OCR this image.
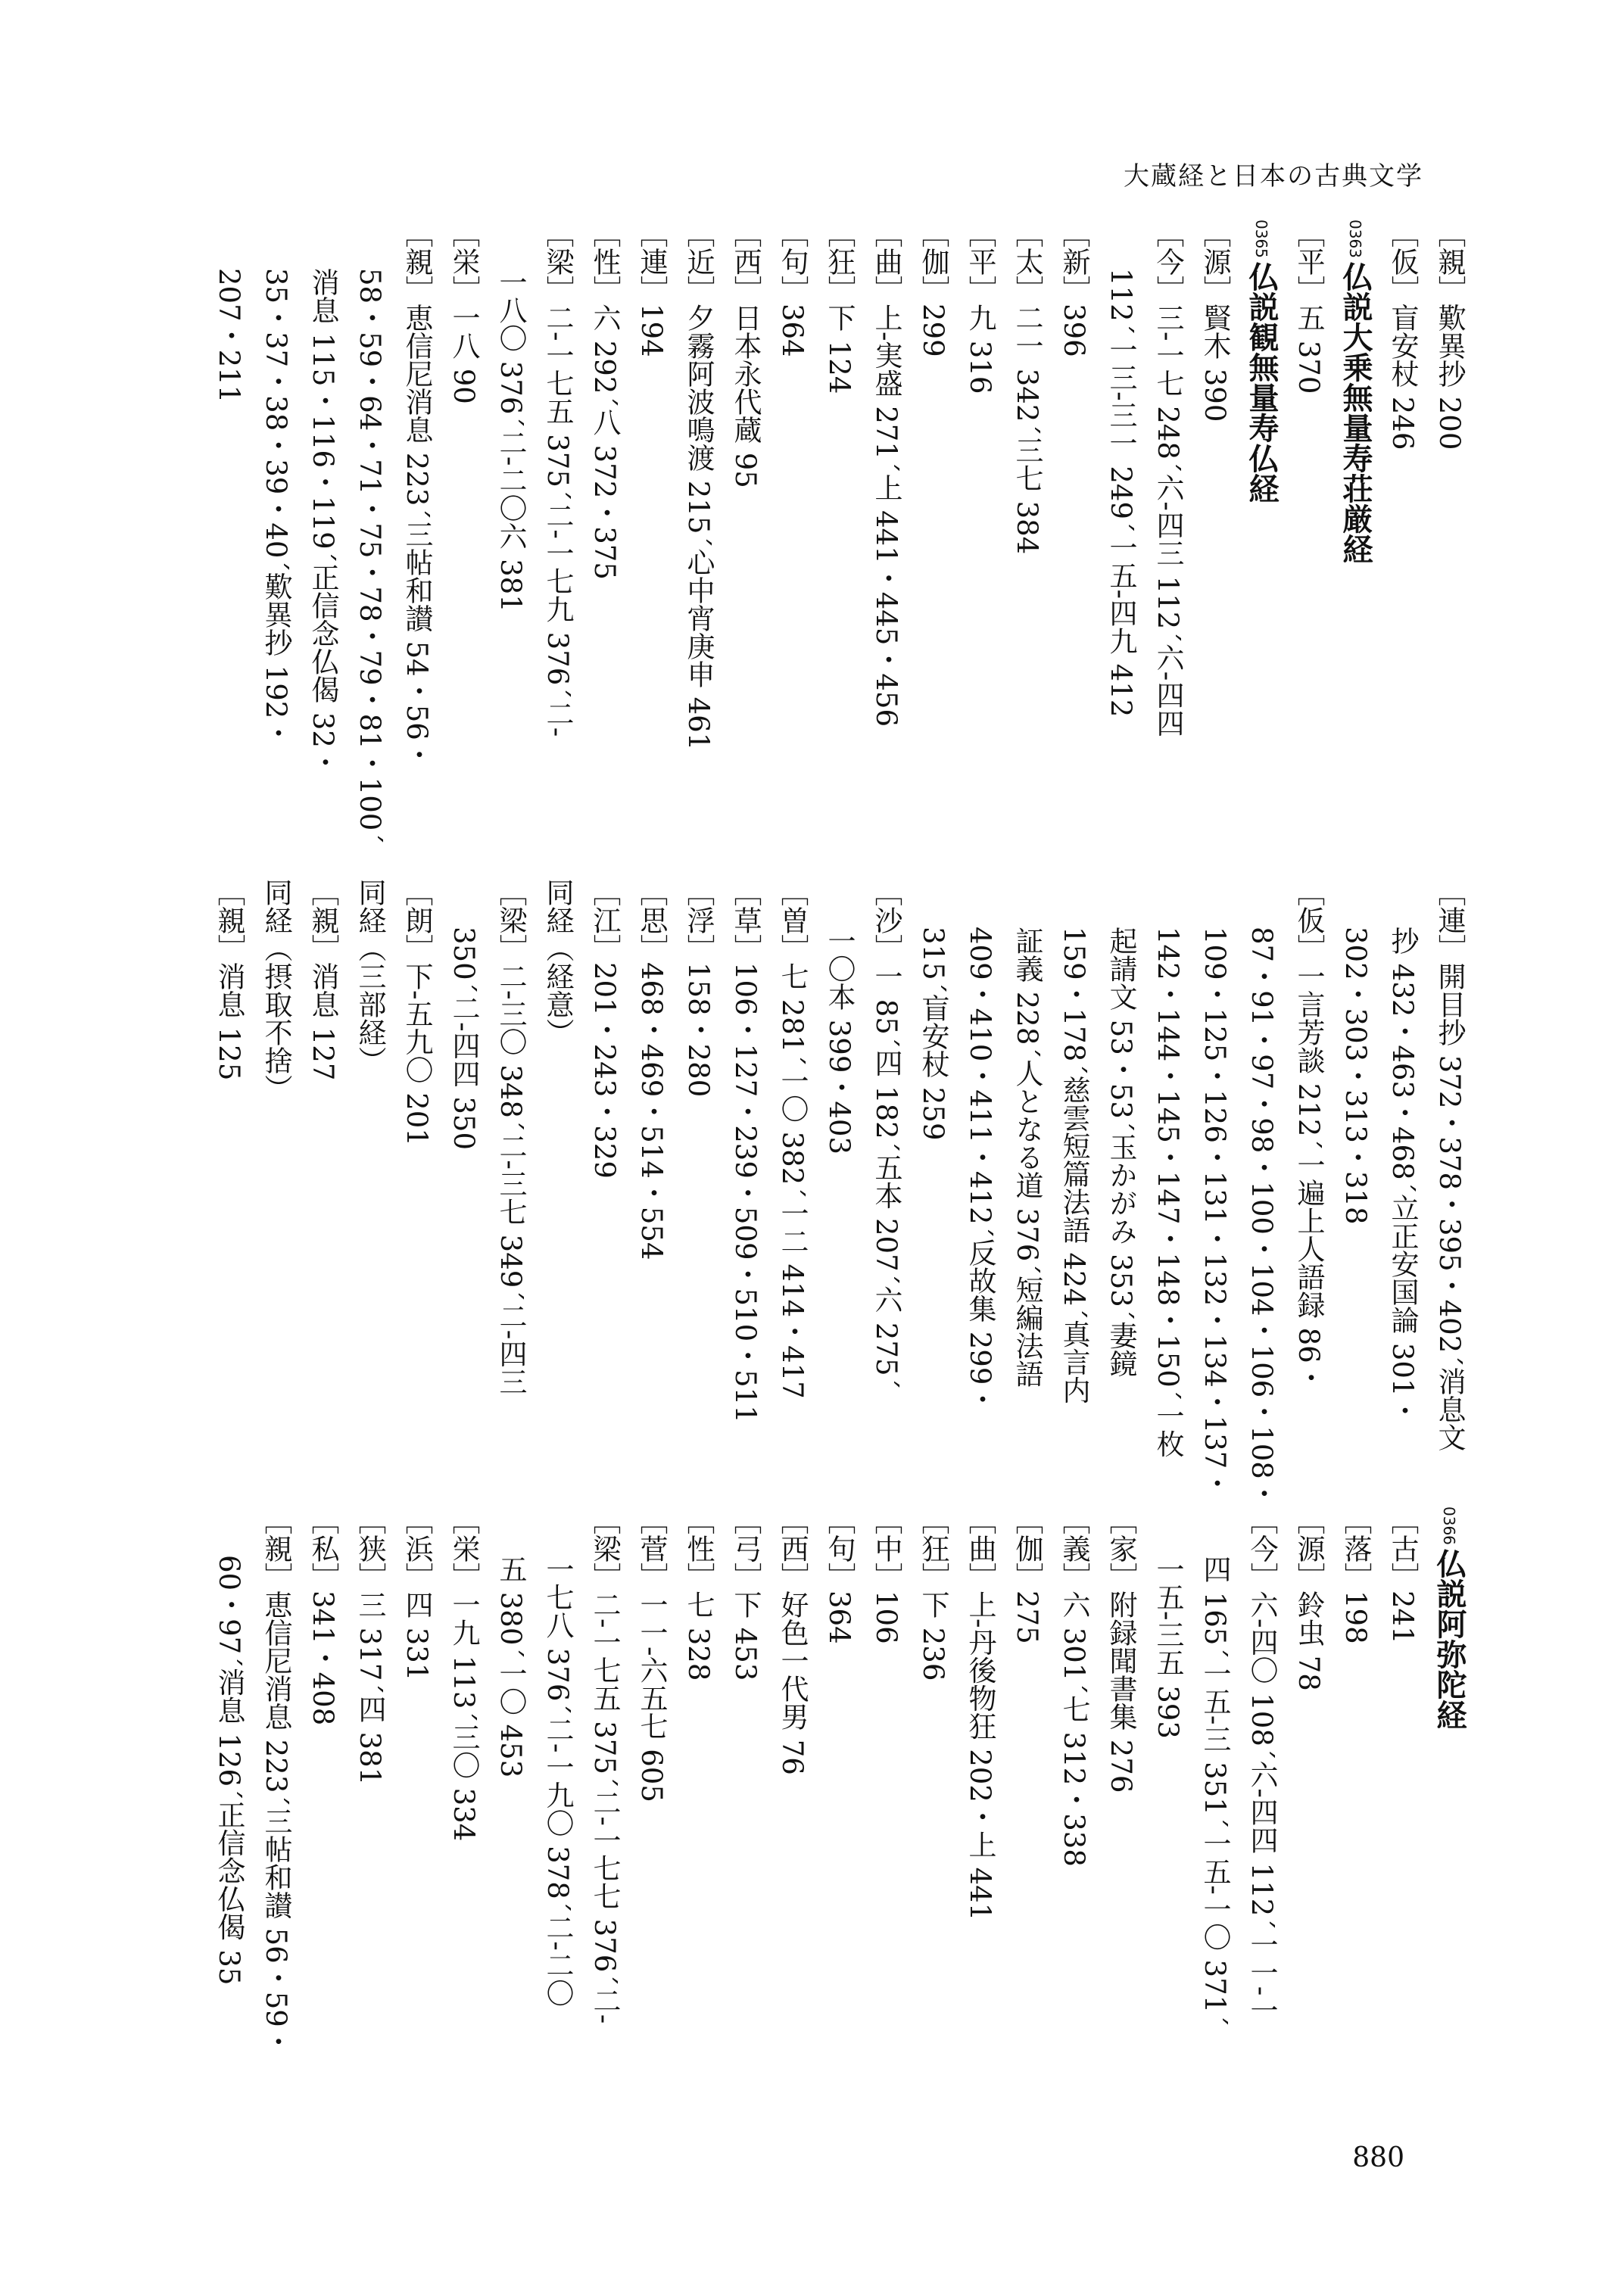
大蔵経と日本の古典文学
［親］歎異抄 200
［仮］盲安杖 246
0363仏説大乗無量寿荘厳経
［平］五 370
0365仏説観無量寿仏経
［源］賢木 390
［今］三-一七 248´六-四三 112´六-四四
112´一三-三一 249´一五-四九 412
［新］396
［太］二一 342´三七 384
［平］九 316
［伽］299
［曲］上-実盛 271´上 441・445・456
［狂］下 124
［句］364
［西］日本永代蔵 95
［近］夕霧阿波鳴渡 215´心中宵庚申 461
［連］194
［性］六 292´八 372・375
［梁］二-一七五 375´二-一七九 376´二-
一八〇 376´二-二〇六 381
［栄］一八 90
［親］恵信尼消息 223´三帖和讃 54・56・
58・59・64・71・75・78・79・81・100´
消息 115・116・119´正信念仏偈 32・
35・37・38・39・40´歎異抄 192・
207・211
［連］開目抄 372・378・395・402´消息文
抄 432・463・468´立正安国論 301・
302・303・313・318
［仮］一言芳談 212´一遍上人語録 86・
87・91・97・98・100・104・106・108・
109・125・126・131・132・134・137・
142・144・145・147・148・150´一枚
起請文 53・53´玉かがみ 353´妻鏡
159・178´慈雲短篇法語 424´真言内
証義 228´人となる道 376´短編法語
409・410・411・412´反故集 299・
315´盲安杖 259
［沙］一 85´四 182´五本 207´六 275´
一〇本 399・403
［曽］七 281´一〇 382´一二 414・417
［草］106・127・239・509・510・511
［浮］158・280
［思］468・469・514・554
［江］201・243・329
同経（経意）
［梁］二-三〇 348´二-三七 349´二-四三
350´二-四四 350
［朗］下-五九〇 201
同経（三部経）
［親］消息 127
同経（摂取不捨）
［親］消息 125
0366仏説阿弥陀経
［古］241
［落］198
［源］鈴虫 78
［今］六-四〇 108´六-四四 112´一一-一
四 165´一五-三 351´一五-一〇 371´
一五-三五 393
［家］附録聞書集 276
［義］六 301´七 312・338
［伽］275
［曲］上-丹後物狂 202・上 441
［狂］下 236
［中］106
［句］364
［西］好色一代男 76
［弓］下 453
［性］七 328
［菅］一一-六五七 605
［梁］二-一七五 375´二-一七七 376´二-
一七八 376´二-一九〇 378´二-二〇
五 380´一〇 453
［栄］一九 113´三〇 334
［浜］四 331
［狭］三 317´四 381
［私］341・408
［親］恵信尼消息 223´三帖和讃 56・59・
60・97´消息 126´正信念仏偈 35
880
